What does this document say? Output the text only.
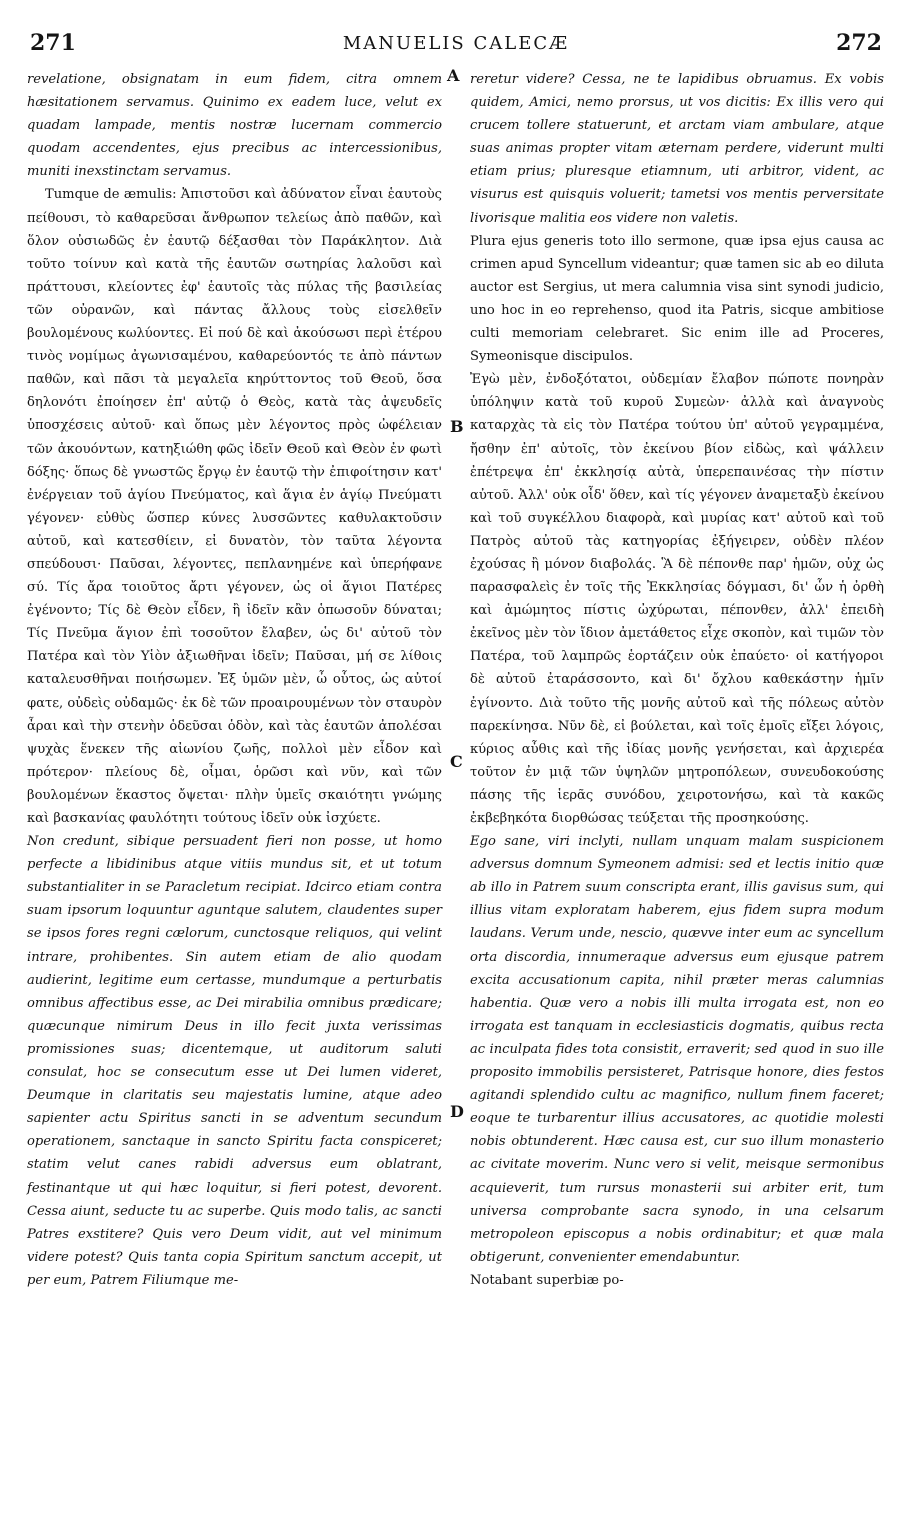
271	MANUELIS CALECÆ	272

revelatione, obsignatam in eum fidem, citra omnem hæsitationem servamus. Quinimo ex eadem luce, velut ex quadam lampade, mentis nostræ lucernam commercio quodam accendentes, ejus precibus ac intercessionibus, muniti inexstinctam servamus.

Tumque de æmulis: Ἀπιστοῦσι καὶ ἀδύνατον εἶναι ἑαυτοὺς πείθουσι, τὸ καθαρεῦσαι ἄνθρωπον τελείως ἀπὸ παθῶν, καὶ ὅλον οὐσιωδῶς ἐν ἑαυτῷ δέξασθαι τὸν Παράκλητον. Διὰ τοῦτο τοίνυν καὶ κατὰ τῆς ἑαυτῶν σωτηρίας λαλοῦσι καὶ πράττουσι, κλείοντες ἐφ' ἑαυτοῖς τὰς πύλας τῆς βασιλείας τῶν οὐρανῶν, καὶ πάντας ἄλλους τοὺς εἰσελθεῖν βουλομένους κωλύοντες. Εἰ πού δὲ καὶ ἀκούσωσι περὶ ἑτέρου τινὸς νομίμως ἀγωνισαμένου, καθαρεύοντός τε ἀπὸ πάντων παθῶν, καὶ πᾶσι τὰ μεγαλεῖα κηρύττοντος τοῦ Θεοῦ, ὅσα δηλονότι ἐποίησεν ἐπ' αὐτῷ ὁ Θεὸς, κατὰ τὰς ἀψευδεῖς ὑποσχέσεις αὐτοῦ· καὶ ὅπως μὲν λέγοντος πρὸς ὠφέλειαν τῶν ἀκουόντων, κατηξιώθη φῶς ἰδεῖν Θεοῦ καὶ Θεὸν ἐν φωτὶ δόξης· ὅπως δὲ γνωστῶς ἔργῳ ἐν ἑαυτῷ τὴν ἐπιφοίτησιν κατ' ἐνέργειαν τοῦ ἁγίου Πνεύματος, καὶ ἅγια ἐν ἁγίῳ Πνεύματι γέγονεν· εὐθὺς ὥσπερ κύνες λυσσῶντες καθυλακτοῦσιν αὐτοῦ, καὶ κατεσθίειν, εἰ δυνατὸν, τὸν ταῦτα λέγοντα σπεύδουσι· Παῦσαι, λέγοντες, πεπλανημένε καὶ ὑπερήφανε σύ. Τίς ἄρα τοιοῦτος ἄρτι γέγονεν, ὡς οἱ ἅγιοι Πατέρες ἐγένοντο; Τίς δὲ Θεὸν εἶδεν, ἢ ἰδεῖν κἂν ὁπωσοῦν δύναται; Τίς Πνεῦμα ἅγιον ἐπὶ τοσοῦτον ἔλαβεν, ὡς δι' αὐτοῦ τὸν Πατέρα καὶ τὸν Υἱὸν ἀξιωθῆναι ἰδεῖν; Παῦσαι, μή σε λίθοις καταλευσθῆναι ποιήσωμεν. Ἐξ ὑμῶν μὲν, ὦ οὗτος, ὡς αὐτοί φατε, οὐδεὶς οὐδαμῶς· ἐκ δὲ τῶν προαιρουμένων τὸν σταυρὸν ἆραι καὶ τὴν στενὴν ὁδεῦσαι ὁδὸν, καὶ τὰς ἑαυτῶν ἀπολέσαι ψυχὰς ἕνεκεν τῆς αἰωνίου ζωῆς, πολλοὶ μὲν εἶδον καὶ πρότερον· πλείους δὲ, οἶμαι, ὁρῶσι καὶ νῦν, καὶ τῶν βουλομένων ἕκαστος ὄψεται· πλὴν ὑμεῖς σκαιότητι γνώμης καὶ βασκανίας φαυλότητι τούτους ἰδεῖν οὐκ ἰσχύετε.

Non credunt, sibique persuadent fieri non posse, ut homo perfecte a libidinibus atque vitiis mundus sit, et ut totum substantialiter in se Paracletum recipiat. Idcirco etiam contra suam ipsorum loquuntur aguntque salutem, claudentes super se ipsos fores regni cælorum, cunctosque reliquos, qui velint intrare, prohibentes. Sin autem etiam de alio quodam audierint, legitime eum certasse, mundumque a perturbatis omnibus affectibus esse, ac Dei mirabilia omnibus prædicare; quæcunque nimirum Deus in illo fecit juxta verissimas promissiones suas; dicentemque, ut auditorum saluti consulat, hoc se consecutum esse ut Dei lumen videret, Deumque in claritatis seu majestatis lumine, atque adeo sapienter actu Spiritus sancti in se adventum secundum operationem, sanctaque in sancto Spiritu facta conspiceret; statim velut canes rabidi adversus eum oblatrant, festinantque ut qui hæc loquitur, si fieri potest, devorent. Cessa aiunt, seducte tu ac superbe. Quis modo talis, ac sancti Patres exstitere? Quis vero Deum vidit, aut vel minimum videre potest? Quis tanta copia Spiritum sanctum accepit, ut per eum, Patrem Filiumque me-

reretur videre? Cessa, ne te lapidibus obruamus. Ex vobis quidem, Amici, nemo prorsus, ut vos dicitis: Ex illis vero qui crucem tollere statuerunt, et arctam viam ambulare, atque suas animas propter vitam æternam perdere, viderunt multi etiam prius; pluresque etiamnum, uti arbitror, vident, ac visurus est quisquis voluerit; tametsi vos mentis perversitate livorisque malitia eos videre non valetis.

Plura ejus generis toto illo sermone, quæ ipsa ejus causa ac crimen apud Syncellum videantur; quæ tamen sic ab eo diluta auctor est Sergius, ut mera calumnia visa sint synodi judicio, uno hoc in eo reprehenso, quod ita Patris, sicque ambitiose culti memoriam celebraret. Sic enim ille ad Proceres, Symeonisque discipulos.

Ἐγὼ μὲν, ἐνδοξότατοι, οὐδεμίαν ἔλαβον πώποτε πονηρὰν ὑπόληψιν κατὰ τοῦ κυροῦ Συμεὼν· ἀλλὰ καὶ ἀναγνοὺς καταρχὰς τὰ εἰς τὸν Πατέρα τούτου ὑπ' αὐτοῦ γεγραμμένα, ἤσθην ἐπ' αὐτοῖς, τὸν ἐκείνου βίον εἰδὼς, καὶ ψάλλειν ἐπέτρεψα ἐπ' ἐκκλησίᾳ αὐτὰ, ὑπερεπαινέσας τὴν πίστιν αὐτοῦ. Ἀλλ' οὐκ οἶδ' ὅθεν, καὶ τίς γέγονεν ἀναμεταξὺ ἐκείνου καὶ τοῦ συγκέλλου διαφορὰ, καὶ μυρίας κατ' αὐτοῦ καὶ τοῦ Πατρὸς αὐτοῦ τὰς κατηγορίας ἐξήγειρεν, οὐδὲν πλέον ἐχούσας ἢ μόνον διαβολάς. Ἃ δὲ πέπονθε παρ' ἡμῶν, οὐχ ὡς παρασφαλεὶς ἐν τοῖς τῆς Ἐκκλησίας δόγμασι, δι' ὧν ἡ ὀρθὴ καὶ ἀμώμητος πίστις ὠχύρωται, πέπονθεν, ἀλλ' ἐπειδὴ ἐκεῖνος μὲν τὸν ἴδιον ἀμετάθετος εἶχε σκοπὸν, καὶ τιμῶν τὸν Πατέρα, τοῦ λαμπρῶς ἑορτάζειν οὐκ ἐπαύετο· οἱ κατήγοροι δὲ αὐτοῦ ἐταράσσοντο, καὶ δι' ὄχλου καθεκάστην ἡμῖν ἐγίνοντο. Διὰ τοῦτο τῆς μονῆς αὐτοῦ καὶ τῆς πόλεως αὐτὸν παρεκίνησα. Νῦν δὲ, εἰ βούλεται, καὶ τοῖς ἐμοῖς εἴξει λόγοις, κύριος αὖθις καὶ τῆς ἰδίας μονῆς γενήσεται, καὶ ἀρχιερέα τοῦτον ἐν μιᾷ τῶν ὑψηλῶν μητροπόλεων, συνευδοκούσης πάσης τῆς ἱερᾶς συνόδου, χειροτονήσω, καὶ τὰ κακῶς ἐκβεβηκότα διορθώσας τεύξεται τῆς προσηκούσης.

Ego sane, viri inclyti, nullam unquam malam suspicionem adversus domnum Symeonem admisi: sed et lectis initio quæ ab illo in Patrem suum conscripta erant, illis gavisus sum, qui illius vitam exploratam haberem, ejus fidem supra modum laudans. Verum unde, nescio, quævve inter eum ac syncellum orta discordia, innumeraque adversus eum ejusque patrem excita accusationum capita, nihil præter meras calumnias habentia. Quæ vero a nobis illi multa irrogata est, non eo irrogata est tanquam in ecclesiasticis dogmatis, quibus recta ac inculpata fides tota consistit, erraverit; sed quod in suo ille proposito immobilis persisteret, Patrisque honore, dies festos agitandi splendido cultu ac magnifico, nullum finem faceret; eoque te turbarentur illius accusatores, ac quotidie molesti nobis obtunderent. Hæc causa est, cur suo illum monasterio ac civitate moverim. Nunc vero si velit, meisque sermonibus acquieverit, tum rursus monasterii sui arbiter erit, tum universa comprobante sacra synodo, in una celsarum metropoleon episcopus a nobis ordinabitur; et quæ mala obtigerunt, convenienter emendabuntur.

Notabant superbiæ po-

A
B
C
D
